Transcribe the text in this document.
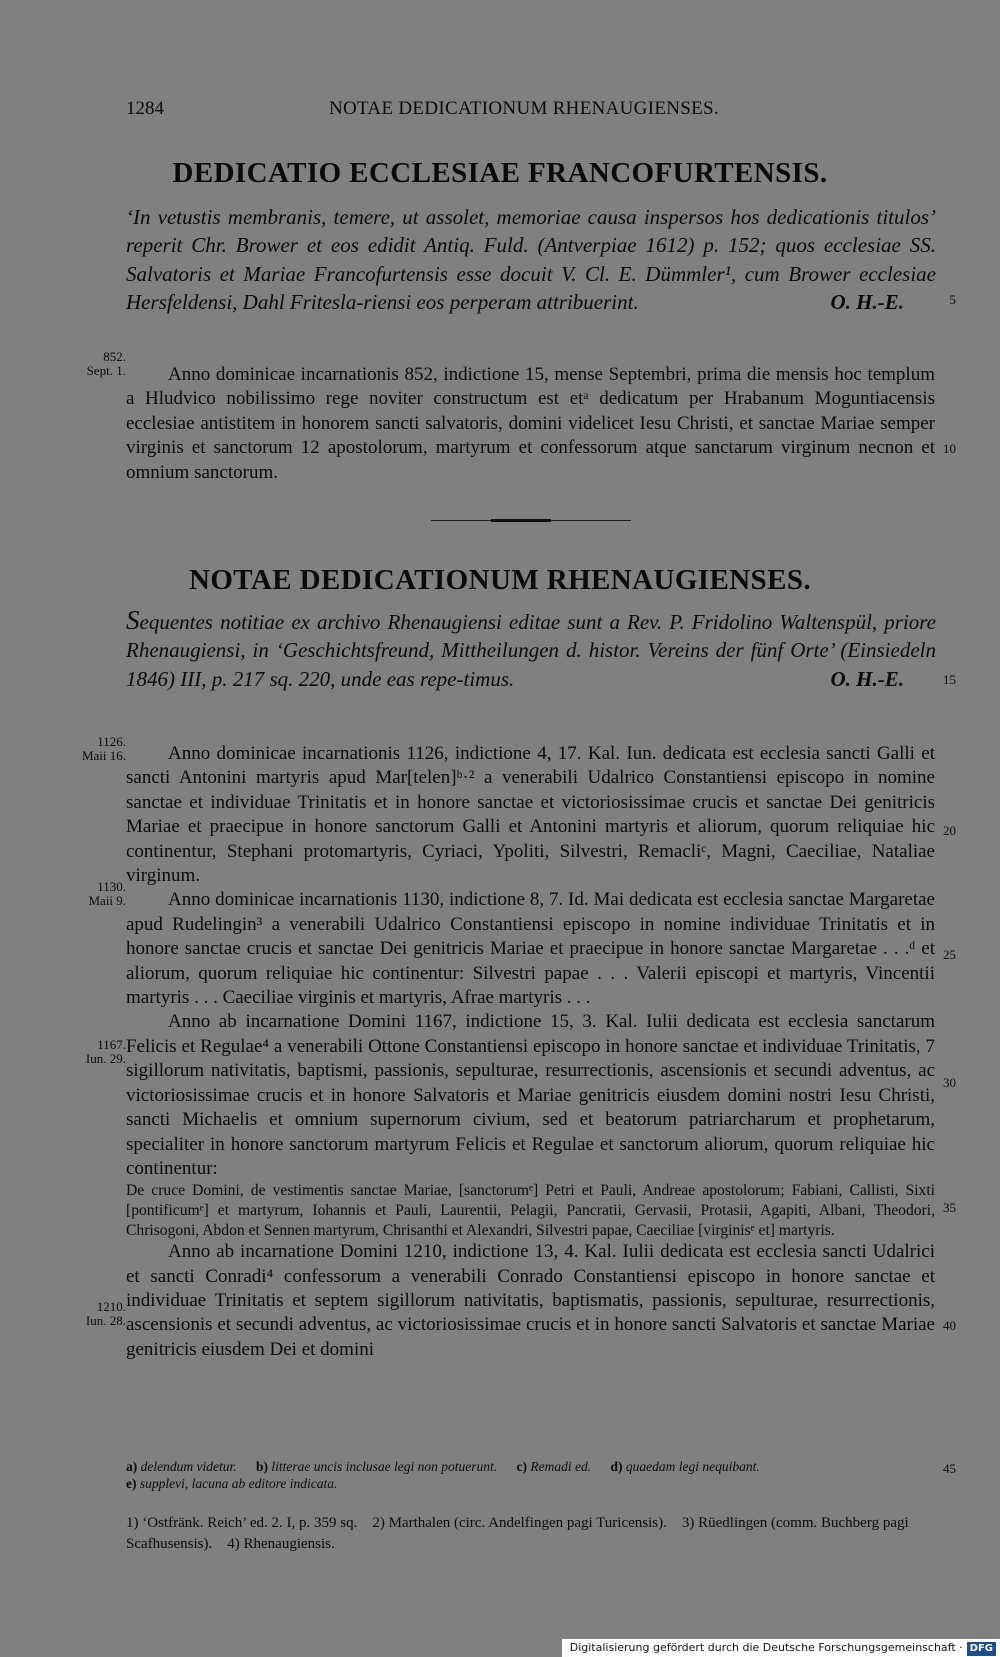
1284	NOTAE DEDICATIONUM RHENAUGIENSES.
DEDICATIO ECCLESIAE FRANCOFURTENSIS.
‘In vetustis membranis, temere, ut assolet, memoriae causa inspersos hos dedicationis titulos’ reperit Chr. Brower et eos edidit Antiq. Fuld. (Antverpiae 1612) p. 152; quos ecclesiae SS. Salvatoris et Mariae Francofurtensis esse docuit V. Cl. E. Dümmler¹, cum Brower ecclesiae Hersfeldensi, Dahl Fritesla-riensi eos perperam attribuerint.	O. H.-E.
852.
Sept. 1.	Anno dominicae incarnationis 852, indictione 15, mense Septembri, prima die mensis hoc templum a Hludvico nobilissimo rege noviter constructum est etᵃ dedicatum per Hrabanum Moguntiacensis ecclesiae antistitem in honorem sancti salvatoris, domini videlicet Iesu Christi, et sanctae Mariae semper virginis et sanctorum 12 apostolorum, martyrum et confessorum atque sanctarum virginum necnon et omnium sanctorum.

NOTAE DEDICATIONUM RHENAUGIENSES.
Sequentes notitiae ex archivo Rhenaugiensi editae sunt a Rev. P. Fridolino Waltenspül, priore Rhenaugiensi, in ‘Geschichtsfreund, Mittheilungen d. histor. Vereins der fünf Orte’ (Einsiedeln 1846) III, p. 217 sq. 220, unde eas repe-timus.	O. H.-E.
1126.
Maii 16.
1130.
Maii 9.
1167.
Iun. 29.
1210.
Iun. 28.

Anno dominicae incarnationis 1126, indictione 4, 17. Kal. Iun. dedicata est ecclesia sancti Galli et sancti Antonini martyris apud Mar[telen]ᵇ·² a venerabili Udalrico Constantiensi episcopo in nomine sanctae et individuae Trinitatis et in honore sanctae et victoriosissimae crucis et sanctae Dei genitricis Mariae et praecipue in honore sanctorum Galli et Antonini martyris et aliorum, quorum reliquiae hic continentur, Stephani protomartyris, Cyriaci, Ypoliti, Silvestri, Remacliᶜ, Magni, Caeciliae, Nataliae virginum.

Anno dominicae incarnationis 1130, indictione 8, 7. Id. Mai dedicata est ecclesia sanctae Margaretae apud Rudelingin³ a venerabili Udalrico Constantiensi episcopo in nomine individuae Trinitatis et in honore sanctae crucis et sanctae Dei genitricis Mariae et praecipue in honore sanctae Margaretae . . .ᵈ et aliorum, quorum reliquiae hic continentur: Silvestri papae . . . Valerii episcopi et martyris, Vincentii martyris . . . Caeciliae virginis et martyris, Afrae martyris . . .

Anno ab incarnatione Domini 1167, indictione 15, 3. Kal. Iulii dedicata est ecclesia sanctarum Felicis et Regulae⁴ a venerabili Ottone Constantiensi episcopo in honore sanctae et individuae Trinitatis, 7 sigillorum nativitatis, baptismi, passionis, sepulturae, resurrectionis, ascensionis et secundi adventus, ac victoriosissimae crucis et in honore Salvatoris et Mariae genitricis eiusdem domini nostri Iesu Christi, sancti Michaelis et omnium supernorum civium, sed et beatorum patriarcharum et prophetarum, specialiter in honore sanctorum martyrum Felicis et Regulae et sanctorum aliorum, quorum reliquiae hic continentur:

De cruce Domini, de vestimentis sanctae Mariae, [sanctorumᵉ] Petri et Pauli, Andreae apostolorum; Fabiani, Callisti, Sixti [pontificumᵉ] et martyrum, Iohannis et Pauli, Laurentii, Pelagii, Pancratii, Gervasii, Protasii, Agapiti, Albani, Theodori, Chrisogoni, Abdon et Sennen martyrum, Chrisanthi et Alexandri, Silvestri papae, Caeciliae [virginisᵉ et] martyris.

Anno ab incarnatione Domini 1210, indictione 13, 4. Kal. Iulii dedicata est ecclesia sancti Udalrici et sancti Conradi⁴ confessorum a venerabili Conrado Constantiensi episcopo in honore sanctae et individuae Trinitatis et septem sigillorum nativitatis, baptismatis, passionis, sepulturae, resurrectionis, ascensionis et secundi adventus, ac victoriosissimae crucis et in honore sancti Salvatoris et sanctae Mariae genitricis eiusdem Dei et domini

5
10
15
20
25
30
35
40
45
a) delendum videtur. b) litterae uncis inclusae legi non potuerunt. c) Remadi ed. d) quaedam legi nequibant.
e) supplevi, lacuna ab editore indicata.
1) ‘Ostfränk. Reich’ ed. 2. I, p. 359 sq. 2) Marthalen (circ. Andelfingen pagi Turicensis). 3) Rüedlingen (comm. Buchberg pagi Scafhusensis). 4) Rhenaugiensis.
Digitalisierung gefördert durch die Deutsche Forschungsgemeinschaft · DFG
